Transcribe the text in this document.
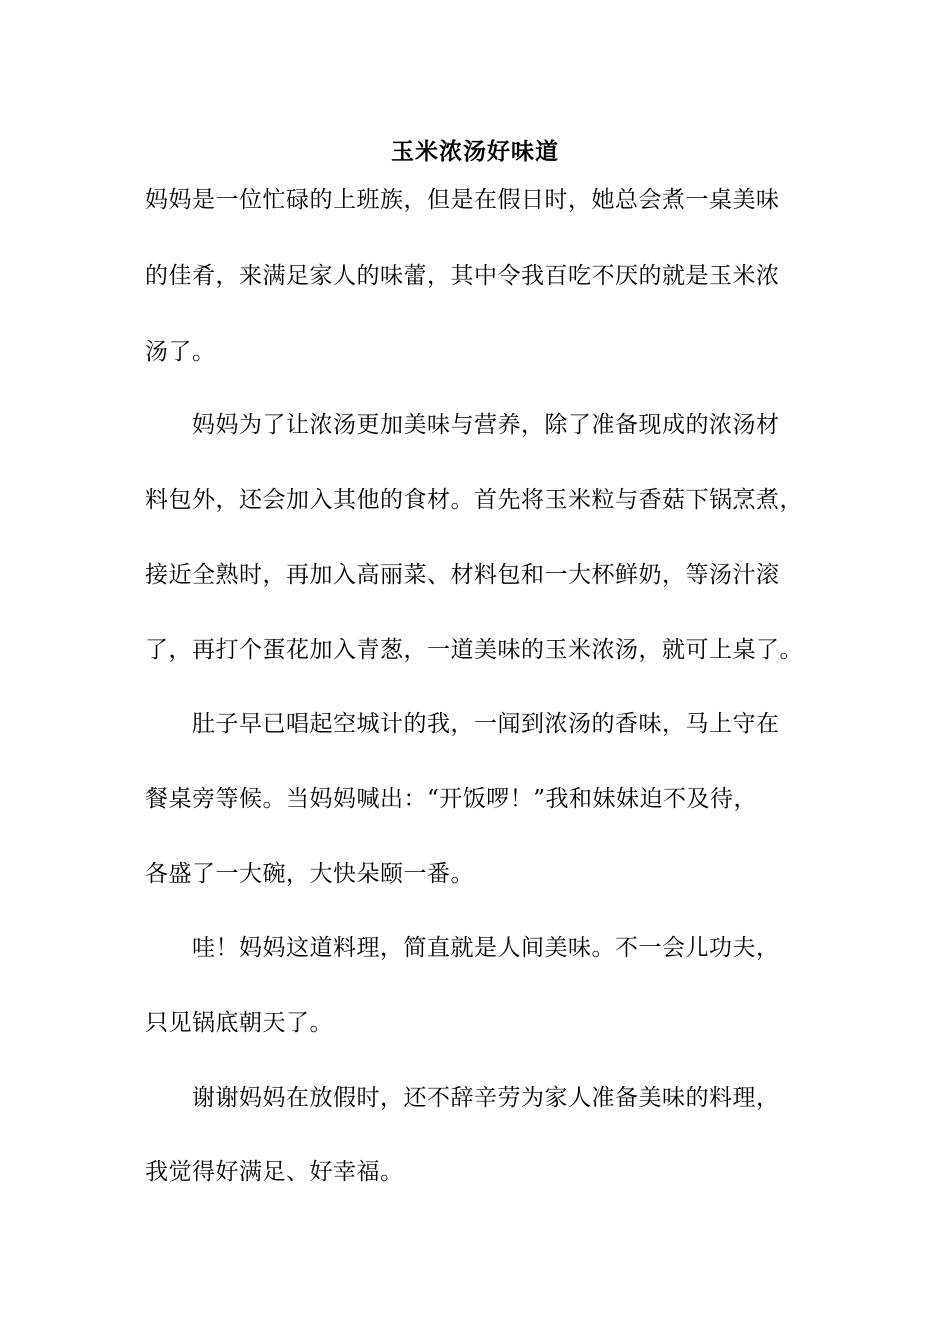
玉米浓汤好味道
妈妈是一位忙碌的上班族，但是在假日时，她总会煮一桌美味
的佳肴，来满足家人的味蕾，其中令我百吃不厌的就是玉米浓
汤了。
　　妈妈为了让浓汤更加美味与营养，除了准备现成的浓汤材
料包外，还会加入其他的食材。首先将玉米粒与香菇下锅烹煮，
接近全熟时，再加入高丽菜、材料包和一大杯鲜奶，等汤汁滚
了，再打个蛋花加入青葱，一道美味的玉米浓汤，就可上桌了。
　　肚子早已唱起空城计的我，一闻到浓汤的香味，马上守在
餐桌旁等候。当妈妈喊出：“开饭啰！”我和妹妹迫不及待，
各盛了一大碗，大快朵颐一番。
　　哇！妈妈这道料理，简直就是人间美味。不一会儿功夫，
只见锅底朝天了。
　　谢谢妈妈在放假时，还不辞辛劳为家人准备美味的料理，
我觉得好满足、好幸福。
